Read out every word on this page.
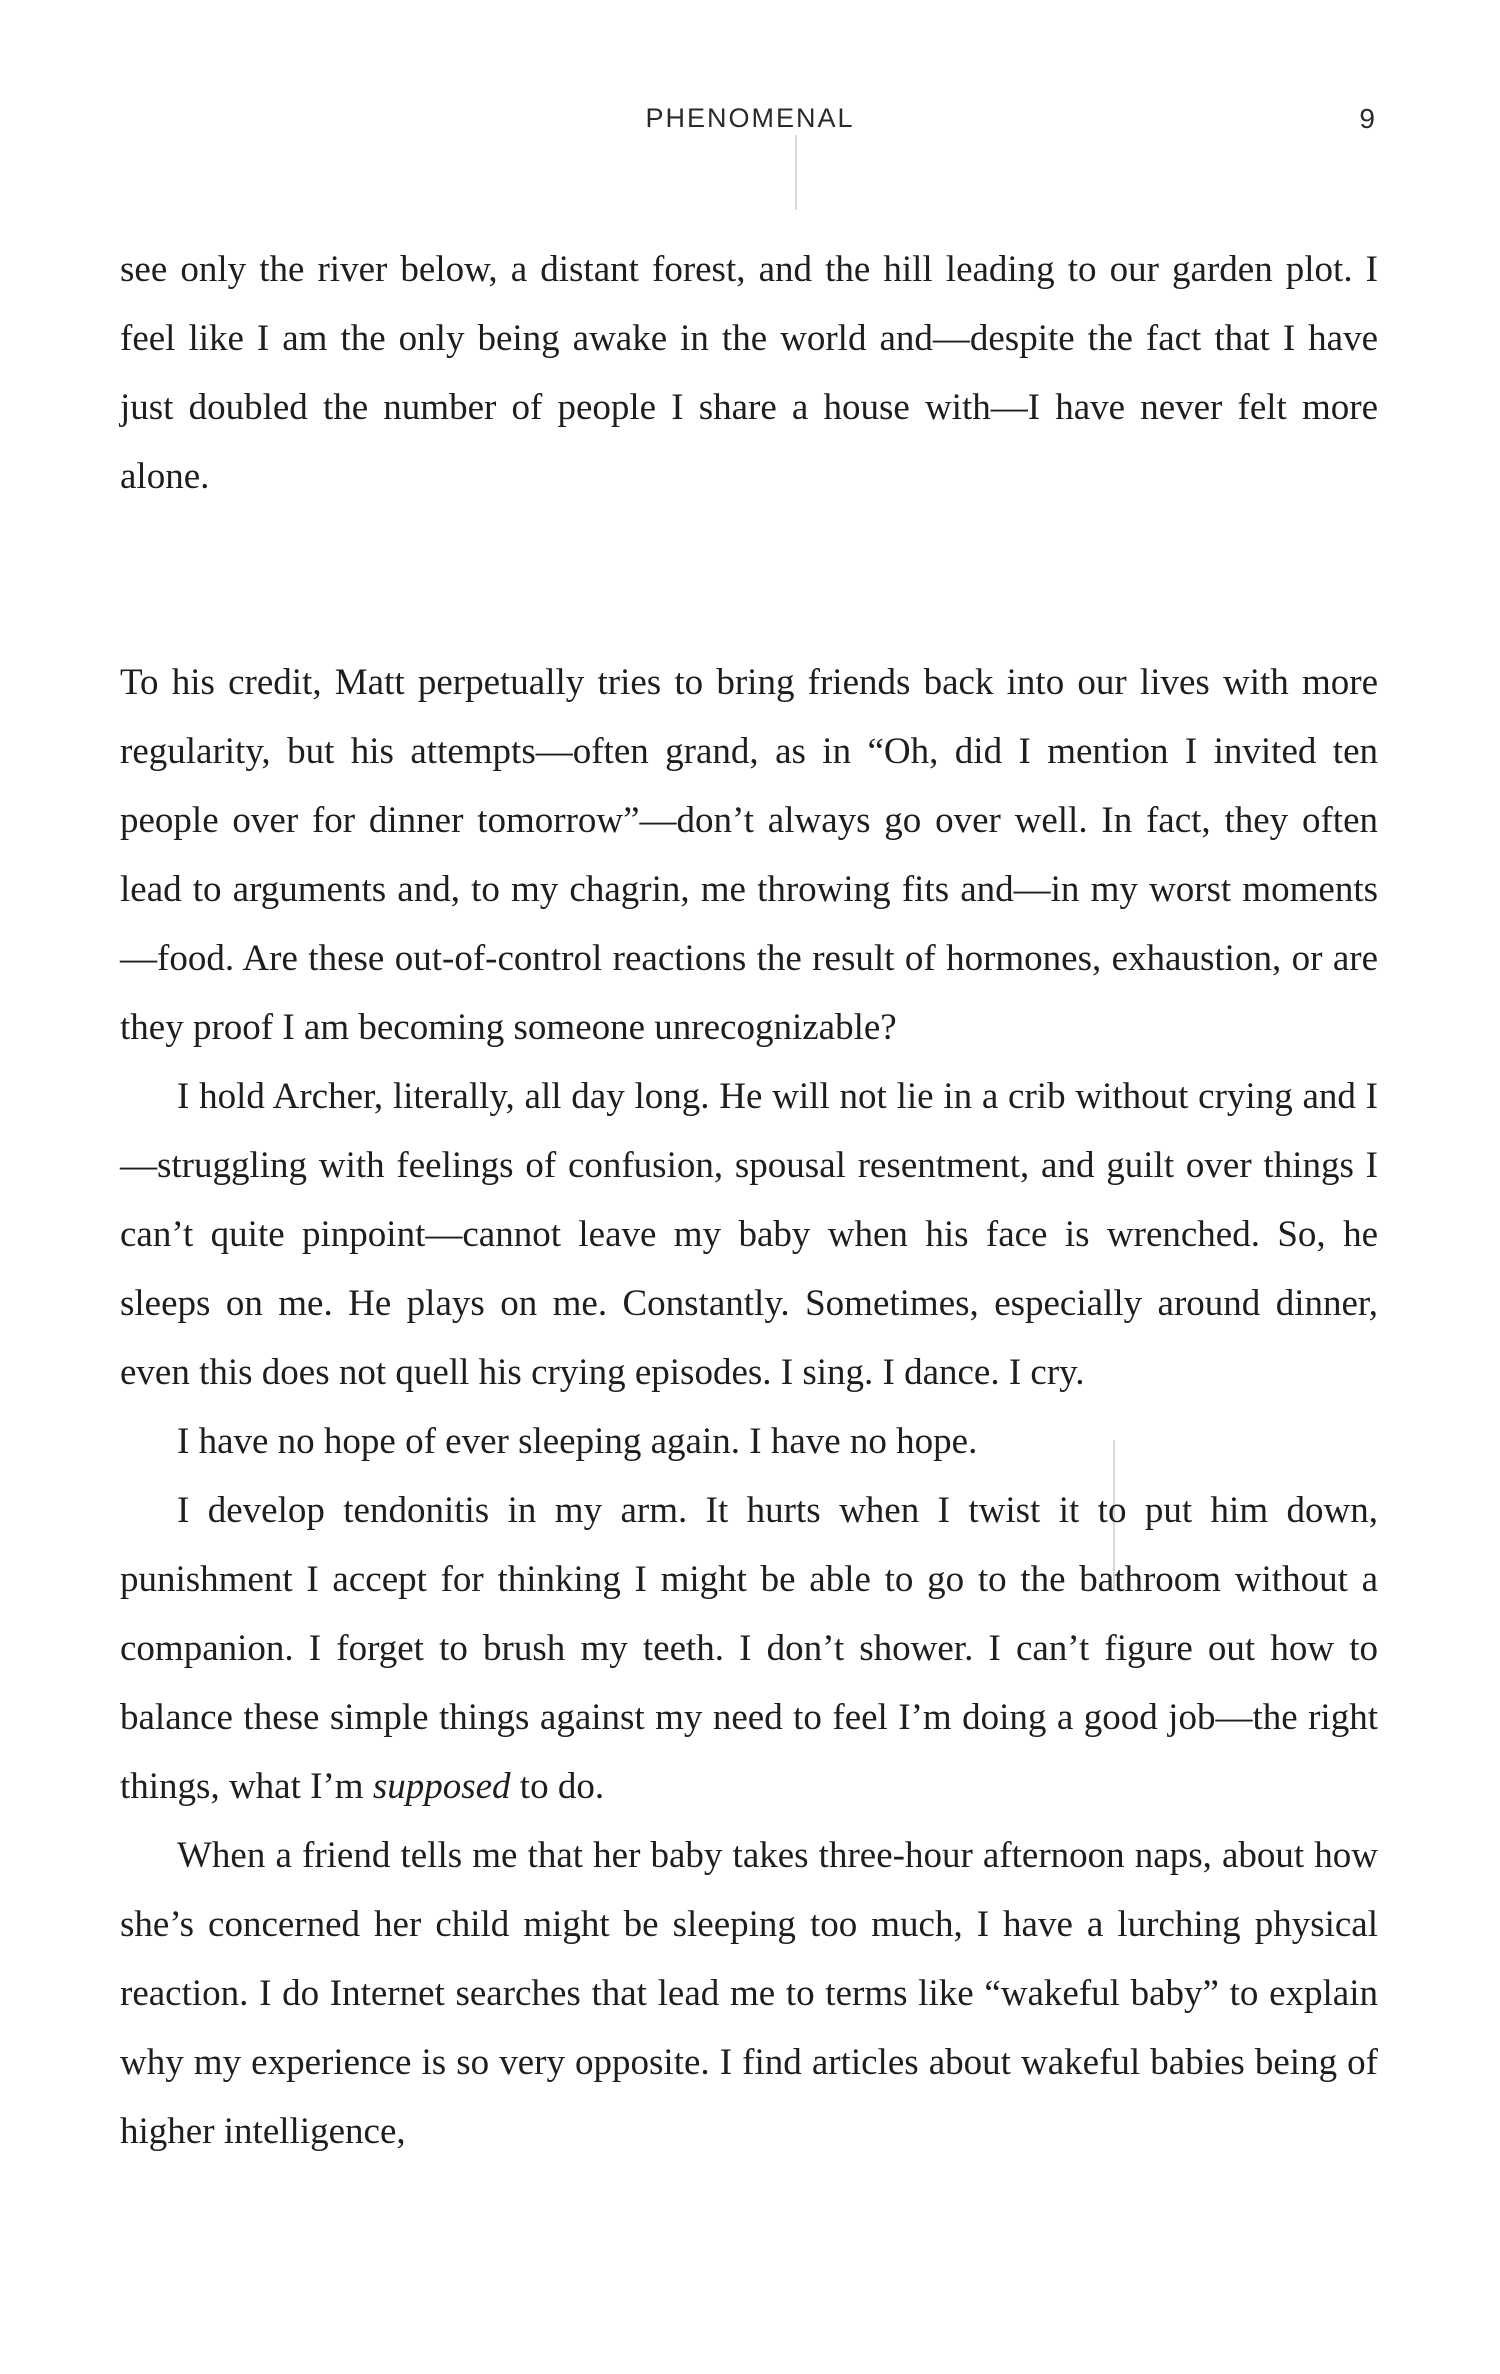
PHENOMENAL	9

see only the river below, a distant forest, and the hill leading to our garden plot. I feel like I am the only being awake in the world and—despite the fact that I have just doubled the number of people I share a house with—I have never felt more alone.

To his credit, Matt perpetually tries to bring friends back into our lives with more regularity, but his attempts—often grand, as in “Oh, did I mention I invited ten people over for dinner tomorrow”—don’t always go over well. In fact, they often lead to arguments and, to my chagrin, me throwing fits and—in my worst moments—food. Are these out-of-control reactions the result of hormones, exhaustion, or are they proof I am becoming someone unrecognizable?

I hold Archer, literally, all day long. He will not lie in a crib without crying and I—struggling with feelings of confusion, spousal resentment, and guilt over things I can’t quite pinpoint—cannot leave my baby when his face is wrenched. So, he sleeps on me. He plays on me. Constantly. Sometimes, especially around dinner, even this does not quell his crying episodes. I sing. I dance. I cry.

I have no hope of ever sleeping again. I have no hope.

I develop tendonitis in my arm. It hurts when I twist it to put him down, punishment I accept for thinking I might be able to go to the bathroom without a companion. I forget to brush my teeth. I don’t shower. I can’t figure out how to balance these simple things against my need to feel I’m doing a good job—the right things, what I’m supposed to do.

When a friend tells me that her baby takes three-hour afternoon naps, about how she’s concerned her child might be sleeping too much, I have a lurching physical reaction. I do Internet searches that lead me to terms like “wakeful baby” to explain why my experience is so very opposite. I find articles about wakeful babies being of higher intelligence,
